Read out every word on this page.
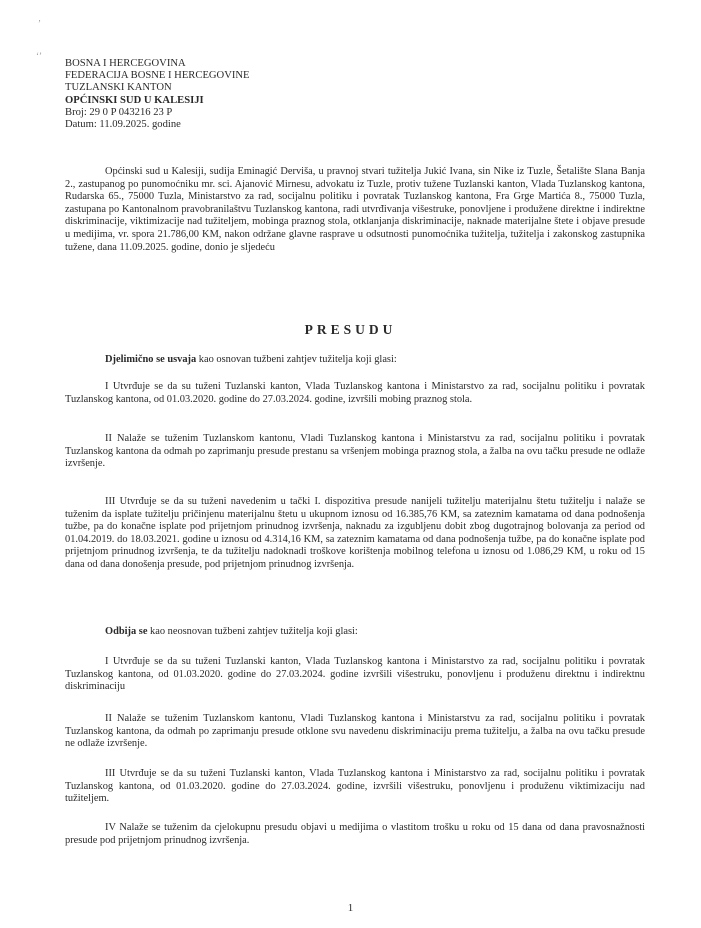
‚
‘’
BOSNA I HERCEGOVINA
FEDERACIJA BOSNE I HERCEGOVINE
TUZLANSKI KANTON
OPĆINSKI SUD U KALESIJI
Broj: 29 0 P 043216 23 P
Datum: 11.09.2025. godine

Općinski sud u Kalesiji, sudija Eminagić Dervіša, u pravnoj stvari tužitelja Jukić Ivana, sin Nike iz Tuzle, Šetalište Slana Banja 2., zastupanog po punomoćniku mr. sci. Ajanović Mirnesu, advokatu iz Tuzle, protiv tužene Tuzlanski kanton, Vlada Tuzlanskog kantona, Rudarska 65., 75000 Tuzla, Ministarstvo za rad, socijalnu politiku i povratak Tuzlanskog kantona, Fra Grge Martića 8., 75000 Tuzla, zastupana po Kantonalnom pravobranilaštvu Tuzlanskog kantona, radi utvrđivanja višestruke, ponovljene i produžene direktne i indirektne diskriminacije, viktimizacije nad tužiteljem, mobinga praznog stola, otklanjanja diskriminacije, naknade materijalne štete i objave presude u medijima, vr. spora 21.786,00 KM, nakon održane glavne rasprave u odsutnosti punomoćnika tužitelja, tužitelja i zakonskog zastupnika tužene, dana 11.09.2025. godine, donio je sljedeću

PRESUDU

Djelimično se usvaja kao osnovan tužbeni zahtjev tužitelja koji glasi:

I Utvrđuje se da su tuženi Tuzlanski kanton, Vlada Tuzlanskog kantona i Ministarstvo za rad, socijalnu politiku i povratak Tuzlanskog kantona, od 01.03.2020. godine do 27.03.2024. godine, izvršili mobing praznog stola.

II Nalaže se tuženim Tuzlanskom kantonu, Vladi Tuzlanskog kantona i Ministarstvu za rad, socijalnu politiku i povratak Tuzlanskog kantona da odmah po zaprimanju presude prestanu sa vršenjem mobinga praznog stola, a žalba na ovu tačku presude ne odlaže izvršenje.

III Utvrđuje se da su tuženi navedenim u tački I. dispozitiva presude nanijeli tužitelju materijalnu štetu tužitelju i nalaže se tuženim da isplate tužitelju pričinjenu materijalnu štetu u ukupnom iznosu od 16.385,76 KM, sa zateznim kamatama od dana podnošenja tužbe, pa do konačne isplate pod prijetnjom prinudnog izvršenja, naknadu za izgubljenu dobit zbog dugotrajnog bolovanja za period od 01.04.2019. do 18.03.2021. godine u iznosu od 4.314,16 KM, sa zateznim kamatama od dana podnošenja tužbe, pa do konačne isplate pod prijetnjom prinudnog izvršenja, te da tužitelju nadoknadi troškove korištenja mobilnog telefona u iznosu od 1.086,29 KM, u roku od 15 dana od dana donošenja presude, pod prijetnjom prinudnog izvršenja.

Odbija se kao neosnovan tužbeni zahtjev tužitelja koji glasi:

I Utvrđuje se da su tuženi Tuzlanski kanton, Vlada Tuzlanskog kantona i Ministarstvo za rad, socijalnu politiku i povratak Tuzlanskog kantona, od 01.03.2020. godine do 27.03.2024. godine izvršili višestruku, ponovljenu i produženu direktnu i indirektnu diskriminaciju

II Nalaže se tuženim Tuzlanskom kantonu, Vladi Tuzlanskog kantona i Ministarstvu za rad, socijalnu politiku i povratak Tuzlanskog kantona, da odmah po zaprimanju presude otklone svu navedenu diskriminaciju prema tužitelju, a žalba na ovu tačku presude ne odlaže izvršenje.

III Utvrđuje se da su tuženi Tuzlanski kanton, Vlada Tuzlanskog kantona i Ministarstvo za rad, socijalnu politiku i povratak Tuzlanskog kantona, od 01.03.2020. godine do 27.03.2024. godine, izvršili višestruku, ponovljenu i produženu viktimizaciju nad tužiteljem.

IV Nalaže se tuženim da cjelokupnu presudu objavi u medijima o vlastitom trošku u roku od 15 dana od dana pravosnažnosti presude pod prijetnjom prinudnog izvršenja.

1
